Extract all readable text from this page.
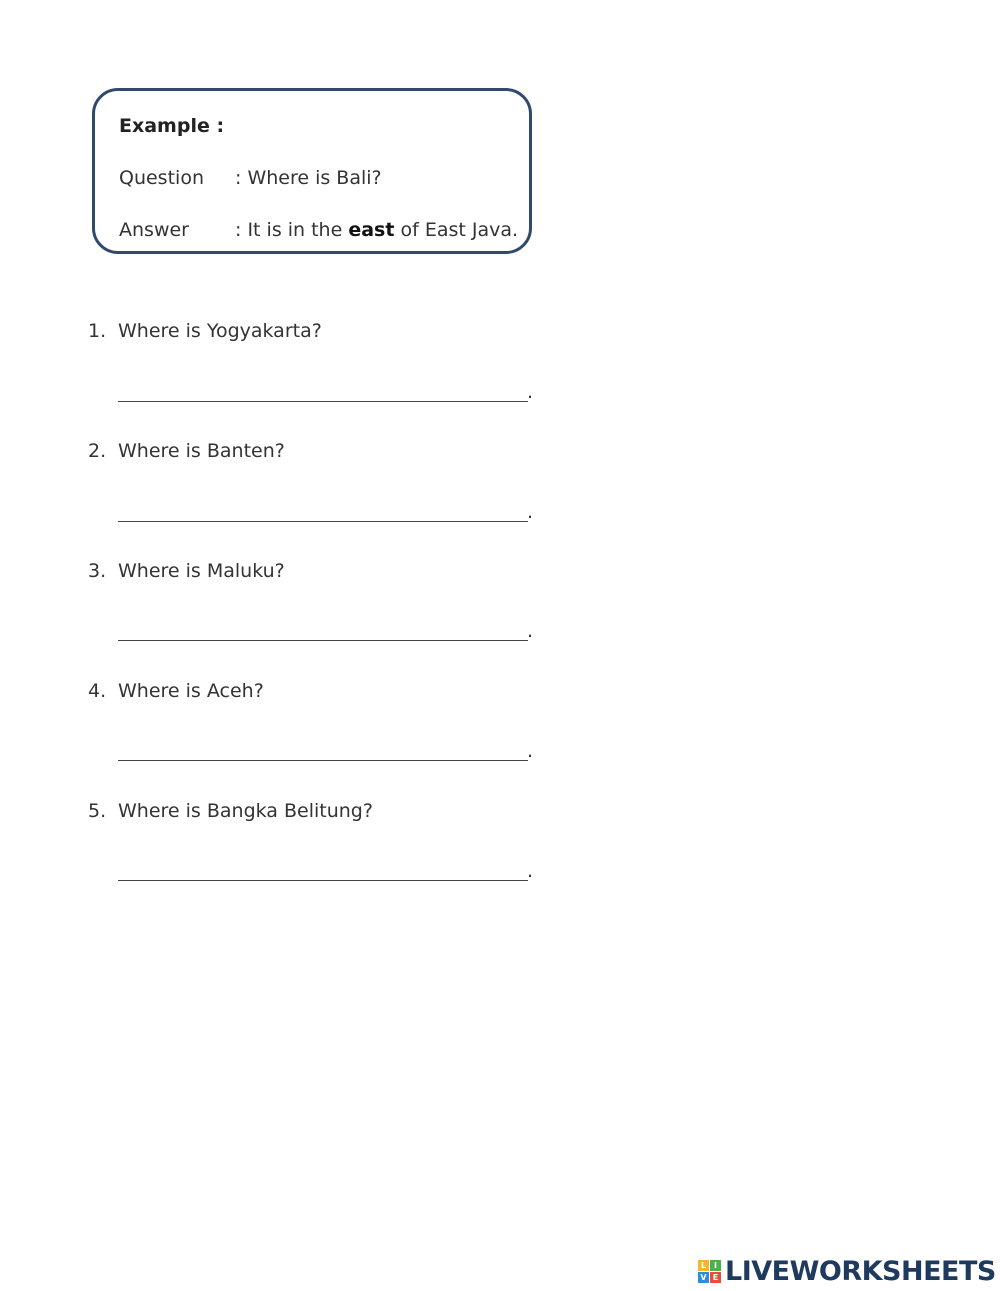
Example :
Question : Where is Bali?
Answer : It is in the east of East Java.
1. Where is Yogyakarta?
.
2. Where is Banten?
.
3. Where is Maluku?
.
4. Where is Aceh?
.
5. Where is Bangka Belitung?
.
L I
V E LIVEWORKSHEETS
